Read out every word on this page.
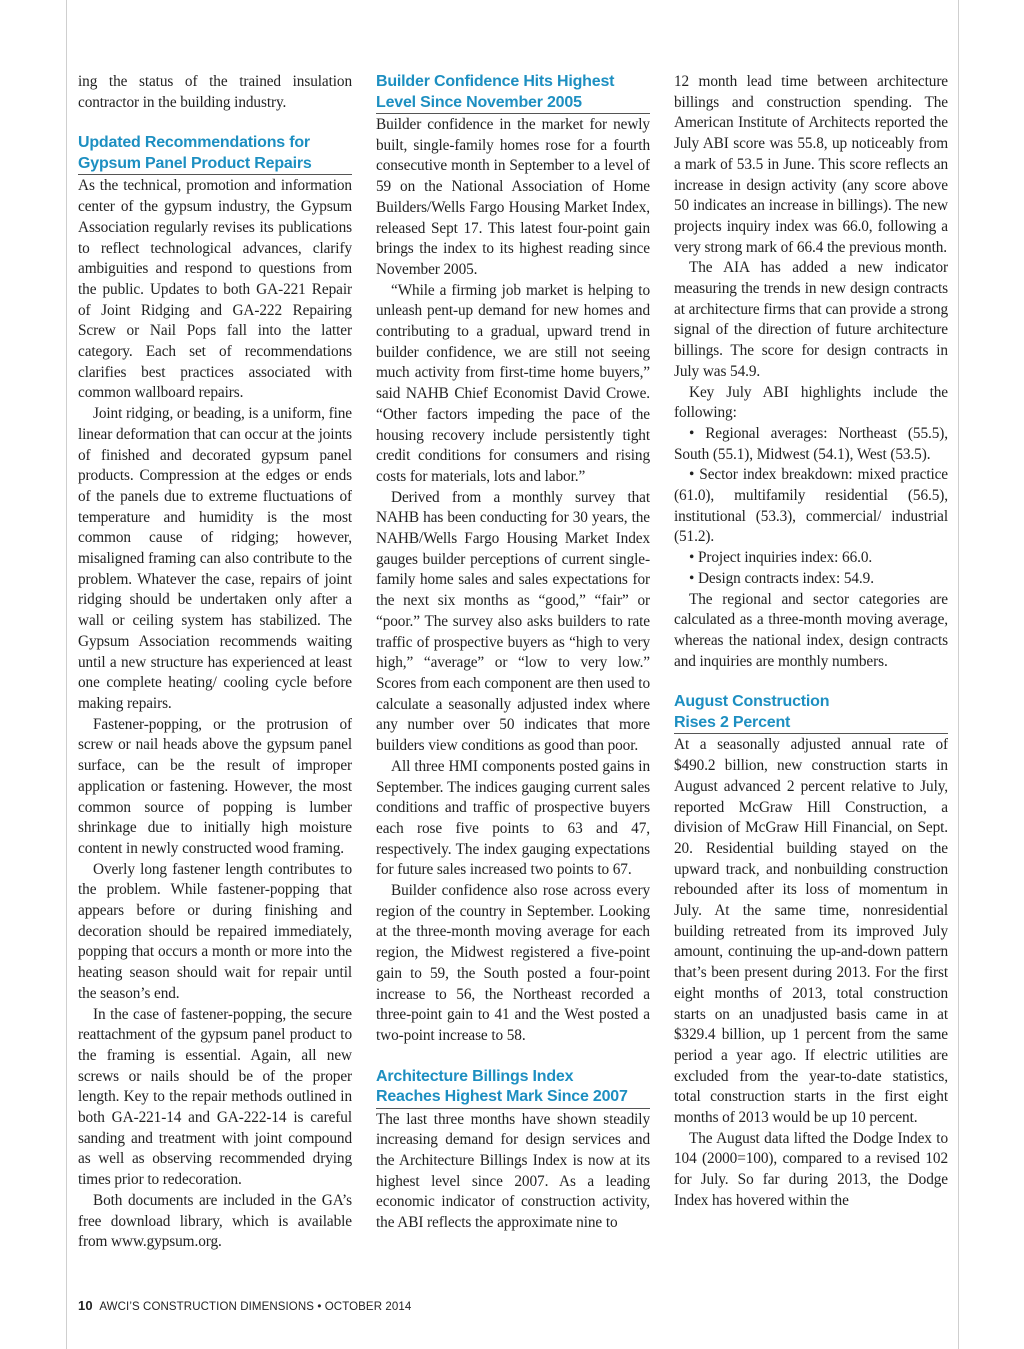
ing the status of the trained insulation contractor in the building industry.

Updated Recommendations for
Gypsum Panel Product Repairs

As the technical, promotion and information center of the gypsum industry, the Gypsum Association regularly revises its publications to reflect technological advances, clarify ambiguities and respond to questions from the public. Updates to both GA-221 Repair of Joint Ridging and GA-222 Repairing Screw or Nail Pops fall into the latter category. Each set of recommendations clarifies best practices associated with common wallboard repairs.

Joint ridging, or beading, is a uniform, fine linear deformation that can occur at the joints of finished and decorated gypsum panel products. Compression at the edges or ends of the panels due to extreme fluctuations of temperature and humidity is the most common cause of ridging; however, misaligned framing can also contribute to the problem. Whatever the case, repairs of joint ridging should be undertaken only after a wall or ceiling system has stabilized. The Gypsum Association recommends waiting until a new structure has experienced at least one complete heating/ cooling cycle before making repairs.

Fastener-popping, or the protrusion of screw or nail heads above the gypsum panel surface, can be the result of improper application or fastening. However, the most common source of popping is lumber shrinkage due to initially high moisture content in newly constructed wood framing.

Overly long fastener length contributes to the problem. While fastener-popping that appears before or during finishing and decoration should be repaired immediately, popping that occurs a month or more into the heating season should wait for repair until the season’s end.

In the case of fastener-popping, the secure reattachment of the gypsum panel product to the framing is essential. Again, all new screws or nails should be of the proper length. Key to the repair methods outlined in both GA-221-14 and GA-222-14 is careful sanding and treatment with joint compound as well as observing recommended drying times prior to redecoration.

Both documents are included in the GA’s free download library, which is available from www.gypsum.org.

Builder Confidence Hits Highest
Level Since November 2005

Builder confidence in the market for newly built, single-family homes rose for a fourth consecutive month in September to a level of 59 on the National Association of Home Builders/Wells Fargo Housing Market Index, released Sept 17. This latest four-point gain brings the index to its highest reading since November 2005.

“While a firming job market is helping to unleash pent-up demand for new homes and contributing to a gradual, upward trend in builder confidence, we are still not seeing much activity from first-time home buyers,” said NAHB Chief Economist David Crowe. “Other factors impeding the pace of the housing recovery include persistently tight credit conditions for consumers and rising costs for materials, lots and labor.”

Derived from a monthly survey that NAHB has been conducting for 30 years, the NAHB/Wells Fargo Housing Market Index gauges builder perceptions of current single-family home sales and sales expectations for the next six months as “good,” “fair” or “poor.” The survey also asks builders to rate traffic of prospective buyers as “high to very high,” “average” or “low to very low.” Scores from each component are then used to calculate a seasonally adjusted index where any number over 50 indicates that more builders view conditions as good than poor.

All three HMI components posted gains in September. The indices gauging current sales conditions and traffic of prospective buyers each rose five points to 63 and 47, respectively. The index gauging expectations for future sales increased two points to 67.

Builder confidence also rose across every region of the country in September. Looking at the three-month moving average for each region, the Midwest registered a five-point gain to 59, the South posted a four-point increase to 56, the Northeast recorded a three-point gain to 41 and the West posted a two-point increase to 58.

Architecture Billings Index
Reaches Highest Mark Since 2007

The last three months have shown steadily increasing demand for design services and the Architecture Billings Index is now at its highest level since 2007. As a leading economic indicator of construction activity, the ABI reflects the approximate nine to

12 month lead time between architecture billings and construction spending. The American Institute of Architects reported the July ABI score was 55.8, up noticeably from a mark of 53.5 in June. This score reflects an increase in design activity (any score above 50 indicates an increase in billings). The new projects inquiry index was 66.0, following a very strong mark of 66.4 the previous month.

The AIA has added a new indicator measuring the trends in new design contracts at architecture firms that can provide a strong signal of the direction of future architecture billings. The score for design contracts in July was 54.9.

Key July ABI highlights include the following:

• Regional averages: Northeast (55.5), South (55.1), Midwest (54.1), West (53.5).

• Sector index breakdown: mixed practice (61.0), multifamily residential (56.5), institutional (53.3), commercial/ industrial (51.2).

• Project inquiries index: 66.0.

• Design contracts index: 54.9.

The regional and sector categories are calculated as a three-month moving average, whereas the national index, design contracts and inquiries are monthly numbers.

August Construction
Rises 2 Percent

At a seasonally adjusted annual rate of $490.2 billion, new construction starts in August advanced 2 percent relative to July, reported McGraw Hill Construction, a division of McGraw Hill Financial, on Sept. 20. Residential building stayed on the upward track, and nonbuilding construction rebounded after its loss of momentum in July. At the same time, nonresidential building retreated from its improved July amount, continuing the up-and-down pattern that’s been present during 2013. For the first eight months of 2013, total construction starts on an unadjusted basis came in at $329.4 billion, up 1 percent from the same period a year ago. If electric utilities are excluded from the year-to-date statistics, total construction starts in the first eight months of 2013 would be up 10 percent.

The August data lifted the Dodge Index to 104 (2000=100), compared to a revised 102 for July. So far during 2013, the Dodge Index has hovered within the

10 AWCI’S CONSTRUCTION DIMENSIONS • OCTOBER 2014
